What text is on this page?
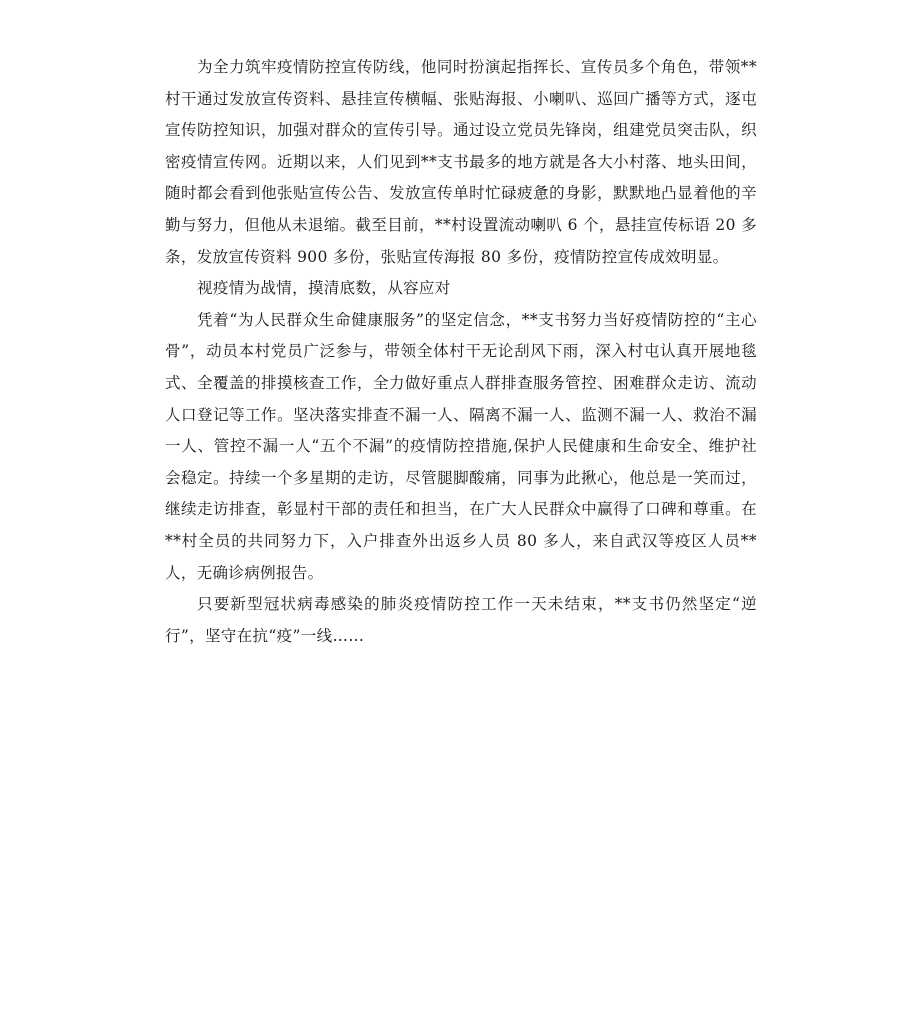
为全力筑牢疫情防控宣传防线，他同时扮演起指挥长、宣传员多个角色，带领**村干通过发放宣传资料、悬挂宣传横幅、张贴海报、小喇叭、巡回广播等方式，逐屯宣传防控知识，加强对群众的宣传引导。通过设立党员先锋岗，组建党员突击队，织密疫情宣传网。近期以来，人们见到**支书最多的地方就是各大小村落、地头田间，随时都会看到他张贴宣传公告、发放宣传单时忙碌疲惫的身影，默默地凸显着他的辛勤与努力，但他从未退缩。截至目前，**村设置流动喇叭 6 个，悬挂宣传标语 20 多条，发放宣传资料 900 多份，张贴宣传海报 80 多份，疫情防控宣传成效明显。

视疫情为战情，摸清底数，从容应对

凭着“为人民群众生命健康服务”的坚定信念，**支书努力当好疫情防控的“主心骨”，动员本村党员广泛参与，带领全体村干无论刮风下雨，深入村屯认真开展地毯式、全覆盖的排摸核查工作，全力做好重点人群排查服务管控、困难群众走访、流动人口登记等工作。坚决落实排查不漏一人、隔离不漏一人、监测不漏一人、救治不漏一人、管控不漏一人“五个不漏”的疫情防控措施,保护人民健康和生命安全、维护社会稳定。持续一个多星期的走访，尽管腿脚酸痛，同事为此揪心，他总是一笑而过，继续走访排查，彰显村干部的责任和担当，在广大人民群众中赢得了口碑和尊重。在**村全员的共同努力下，入户排查外出返乡人员 80 多人，来自武汉等疫区人员**人，无确诊病例报告。

只要新型冠状病毒感染的肺炎疫情防控工作一天未结束，**支书仍然坚定“逆行”，坚守在抗“疫”一线……
